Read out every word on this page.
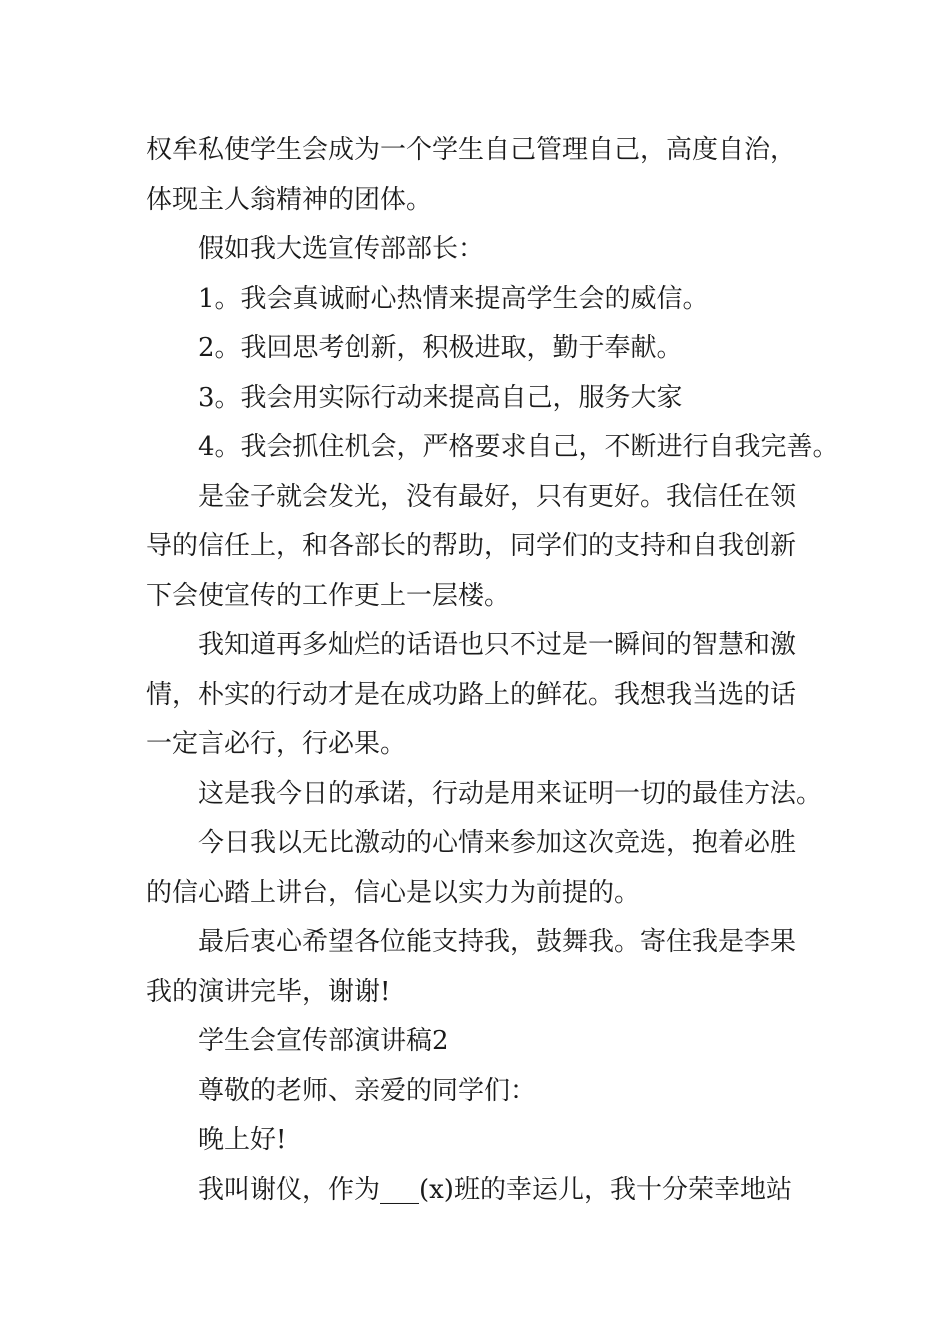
权牟私使学生会成为一个学生自己管理自己，高度自治，
体现主人翁精神的团体。
假如我大选宣传部部长：
1。我会真诚耐心热情来提高学生会的威信。
2。我回思考创新，积极进取，勤于奉献。
3。我会用实际行动来提高自己，服务大家
4。我会抓住机会，严格要求自己，不断进行自我完善。
是金子就会发光，没有最好，只有更好。我信任在领
导的信任上，和各部长的帮助，同学们的支持和自我创新
下会使宣传的工作更上一层楼。
我知道再多灿烂的话语也只不过是一瞬间的智慧和激
情，朴实的行动才是在成功路上的鲜花。我想我当选的话
一定言必行，行必果。
这是我今日的承诺，行动是用来证明一切的最佳方法。
今日我以无比激动的心情来参加这次竞选，抱着必胜
的信心踏上讲台，信心是以实力为前提的。
最后衷心希望各位能支持我，鼓舞我。寄住我是李果
我的演讲完毕，谢谢!
学生会宣传部演讲稿2
尊敬的老师、亲爱的同学们：
晚上好!
我叫谢仪，作为___(x)班的幸运儿，我十分荣幸地站
